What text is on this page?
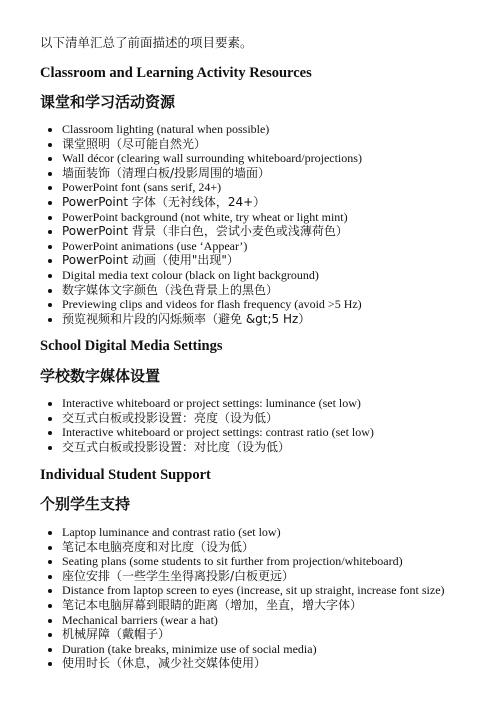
以下清单汇总了前面描述的项目要素。

Classroom and Learning Activity Resources
课堂和学习活动资源
Classroom lighting (natural when possible)
课堂照明（尽可能自然光）
Wall décor (clearing wall surrounding whiteboard/projections)
墙面装饰（清理白板/投影周围的墙面）
PowerPoint font (sans serif, 24+)
PowerPoint 字体（无衬线体，24+）
PowerPoint background (not white, try wheat or light mint)
PowerPoint 背景（非白色，尝试小麦色或浅薄荷色）
PowerPoint animations (use ‘Appear’)
PowerPoint 动画（使用"出现"）
Digital media text colour (black on light background)
数字媒体文字颜色（浅色背景上的黑色）
Previewing clips and videos for flash frequency (avoid >5 Hz)
预览视频和片段的闪烁频率（避免 &gt;5 Hz）
School Digital Media Settings
学校数字媒体设置
Interactive whiteboard or project settings: luminance (set low)
交互式白板或投影设置：亮度（设为低）
Interactive whiteboard or project settings: contrast ratio (set low)
交互式白板或投影设置：对比度（设为低）
Individual Student Support
个别学生支持
Laptop luminance and contrast ratio (set low)
笔记本电脑亮度和对比度（设为低）
Seating plans (some students to sit further from projection/whiteboard)
座位安排（一些学生坐得离投影/白板更远）
Distance from laptop screen to eyes (increase, sit up straight, increase font size)
笔记本电脑屏幕到眼睛的距离（增加，坐直，增大字体）
Mechanical barriers (wear a hat)
机械屏障（戴帽子）
Duration (take breaks, minimize use of social media)
使用时长（休息，减少社交媒体使用）
